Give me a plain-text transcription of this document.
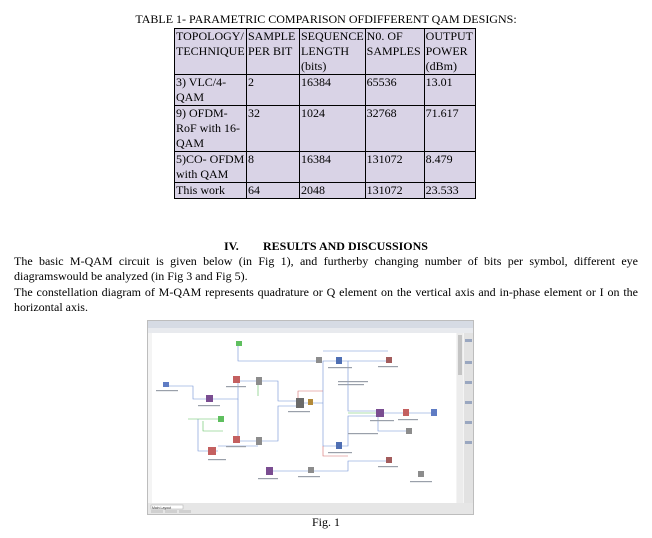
TABLE 1- PARAMETRIC COMPARISON OFDIFFERENT QAM DESIGNS:
TOPOLOGY/ TECHNIQUE	SAMPLE PER BIT	SEQUENCE LENGTH (bits)	N0. OF SAMPLES	OUTPUT POWER (dBm)
3) VLC/4-QAM	2	16384	65536	13.01
9) OFDM-RoF with 16-QAM	32	1024	32768	71.617
5)CO- OFDM with QAM	8	16384	131072	8.479
This work	64	2048	131072	23.533
IV. RESULTS AND DISCUSSIONS
The basic M-QAM circuit is given below (in Fig 1), and furtherby changing number of bits per symbol, different eye diagramswould be analyzed (in Fig 3 and Fig 5).
The constellation diagram of M-QAM represents quadrature or Q element on the vertical axis and in-phase element or I on the horizontal axis.
Main Layout
Fig. 1
